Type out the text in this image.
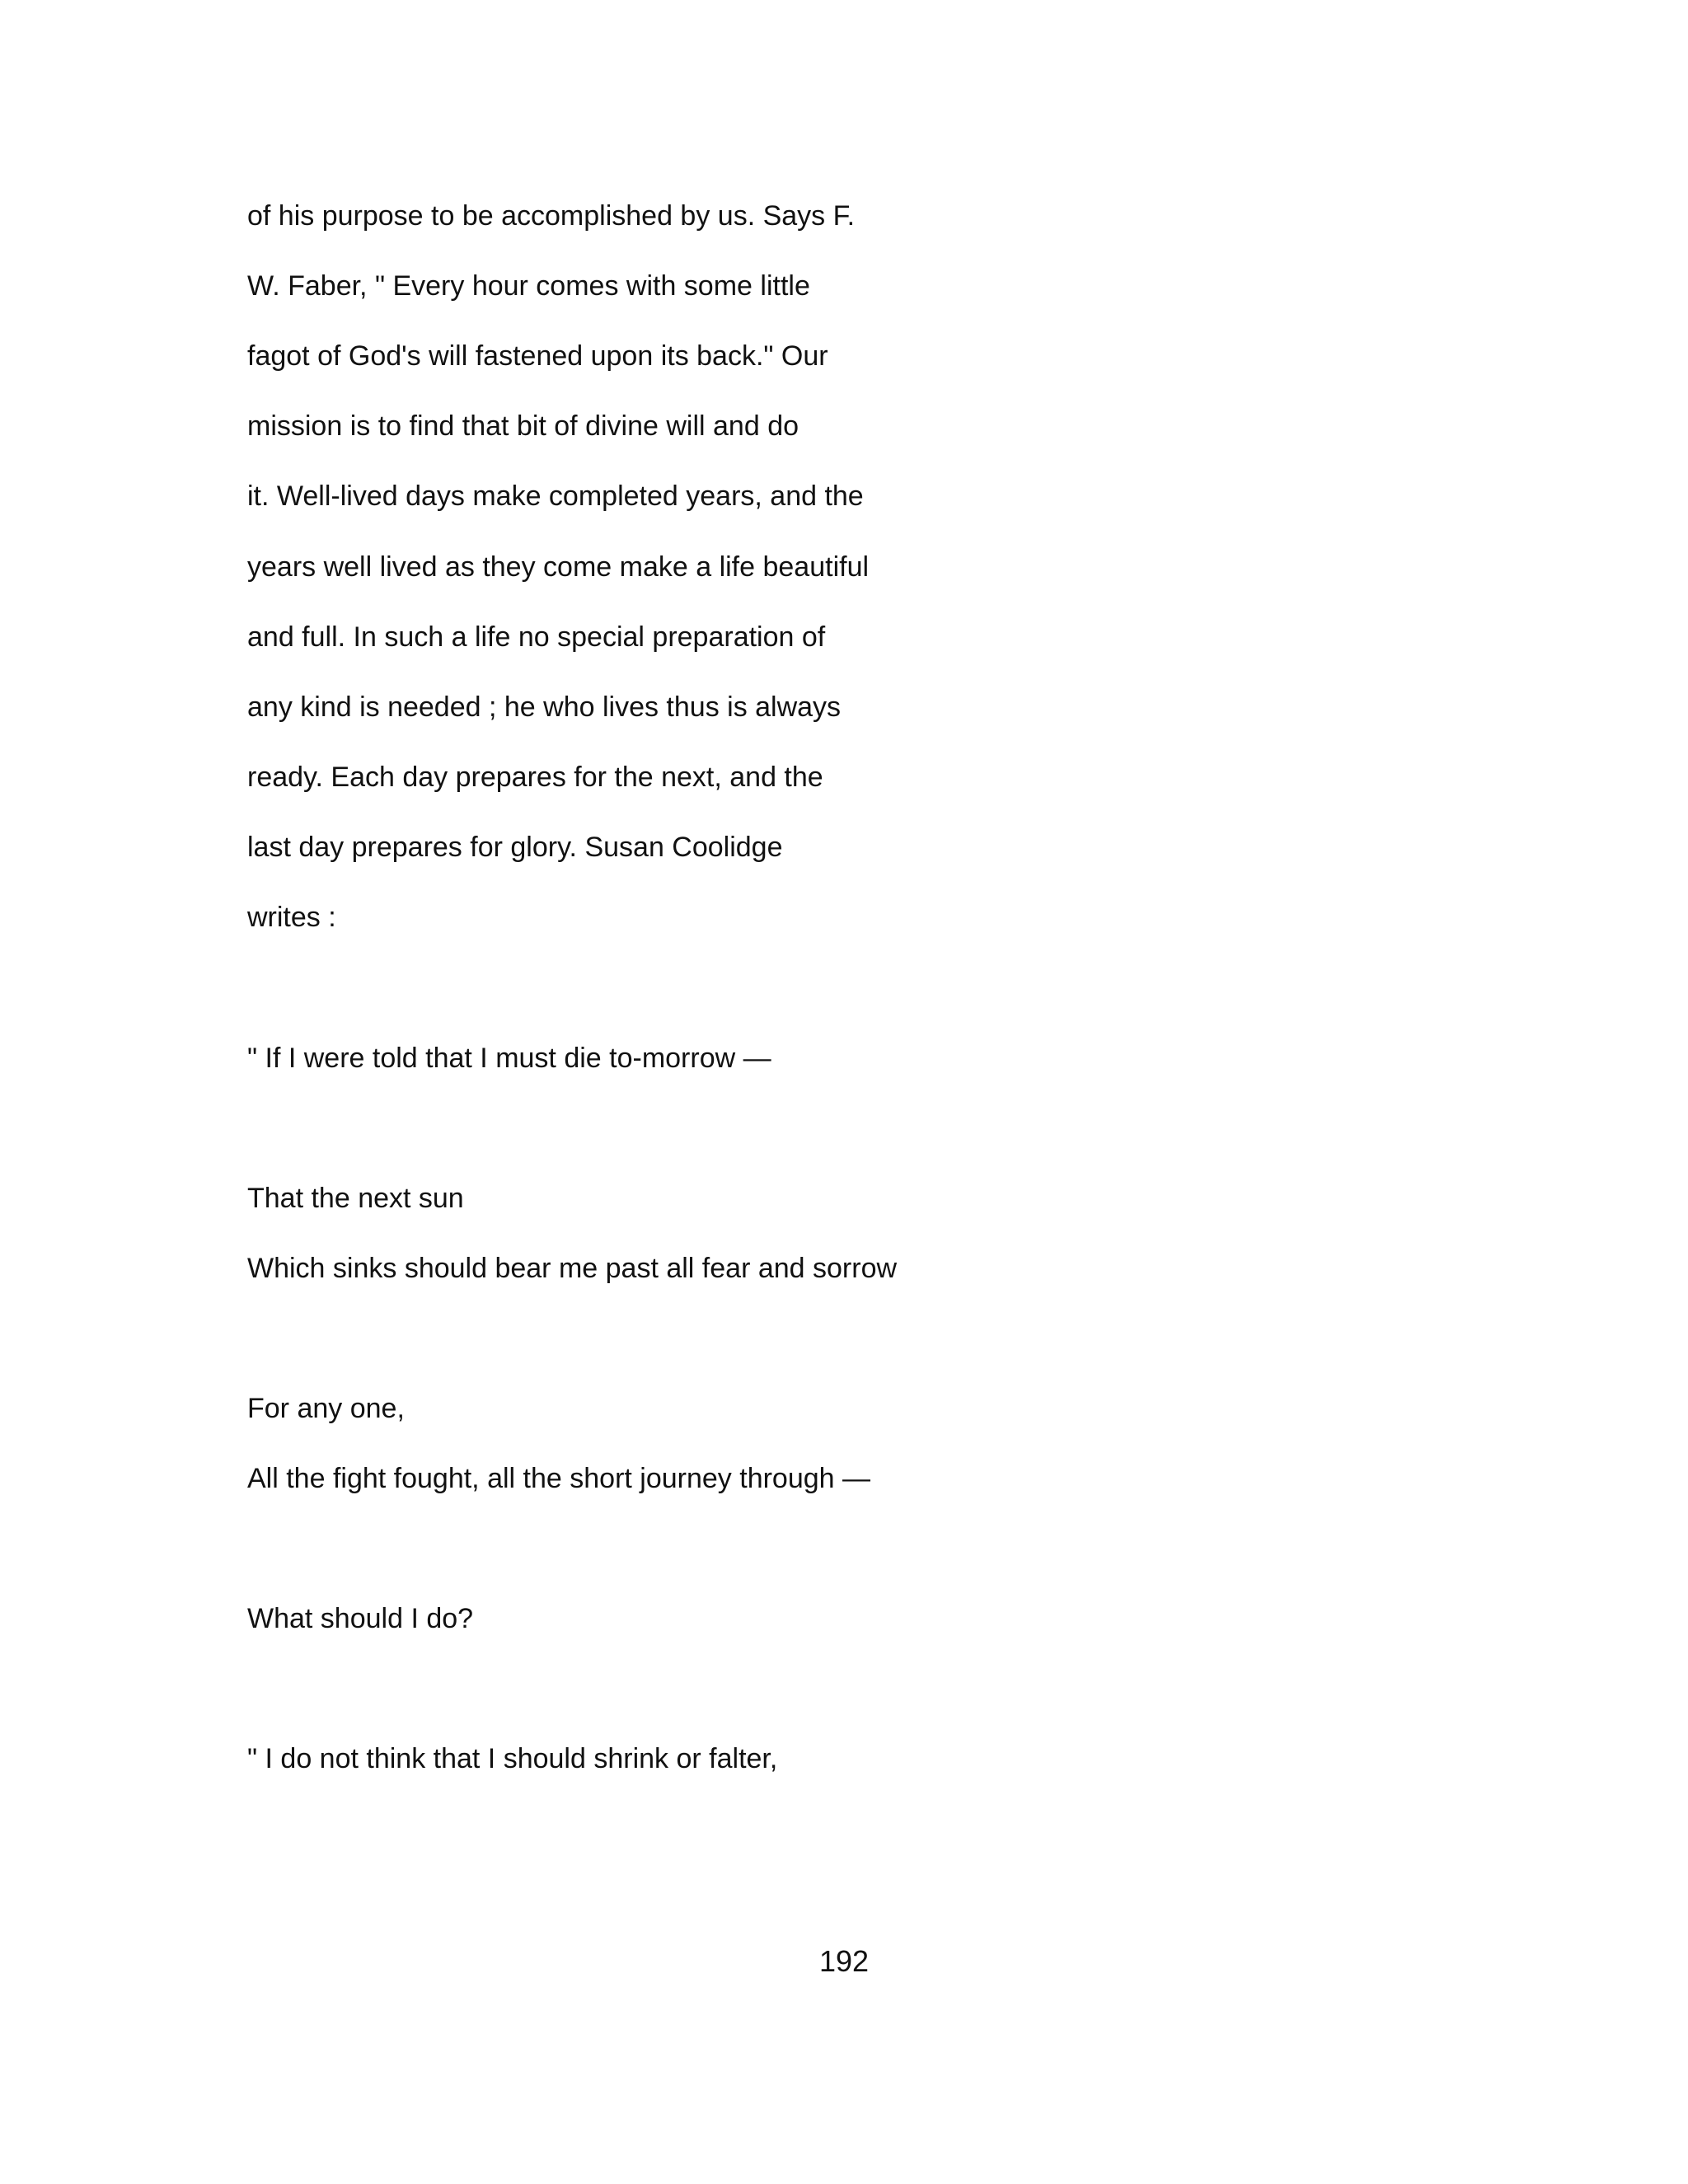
of his purpose to be accomplished by us. Says F.
W. Faber, " Every hour comes with some little
fagot of God's will fastened upon its back." Our
mission is to find that bit of divine will and do
it. Well-lived days make completed years, and the
years well lived as they come make a life beautiful
and full. In such a life no special preparation of
any kind is needed ; he who lives thus is always
ready. Each day prepares for the next, and the
last day prepares for glory. Susan Coolidge
writes :
" If I were told that I must die to-morrow —
That the next sun
Which sinks should bear me past all fear and sorrow
For any one,
All the fight fought, all the short journey through —
What should I do?
" I do not think that I should shrink or falter,
192
